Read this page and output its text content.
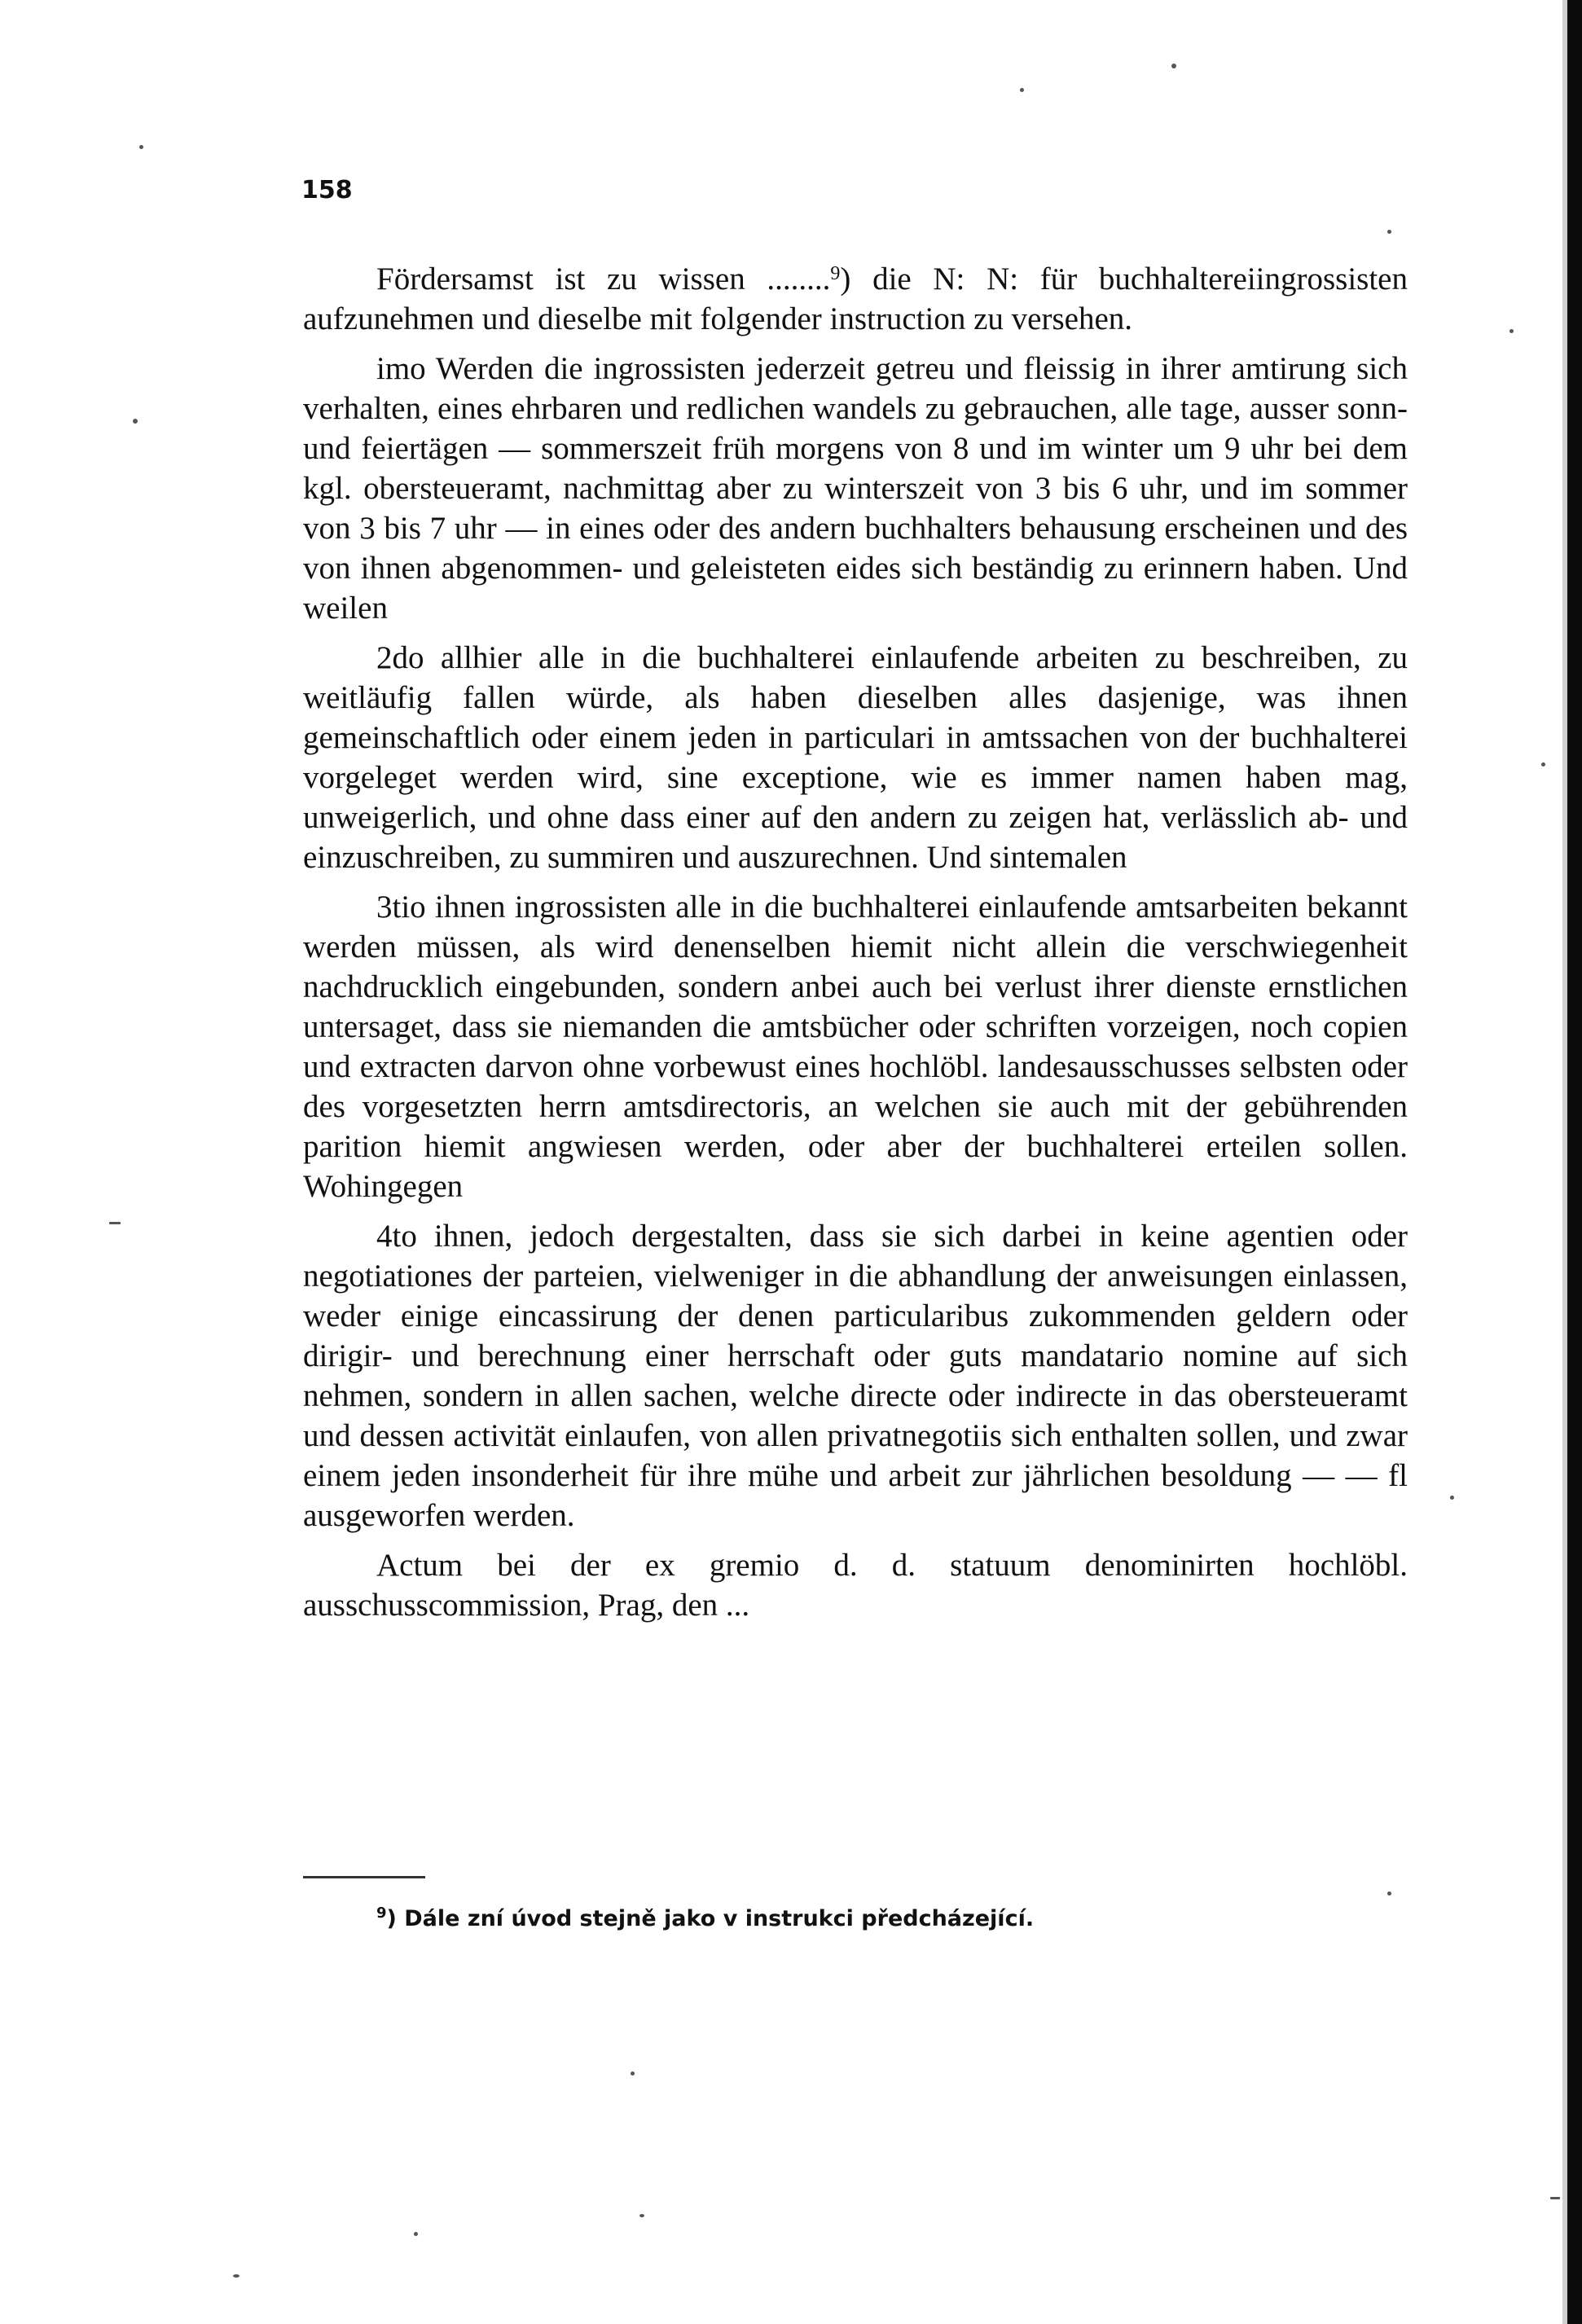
158

Fördersamst ist zu wissen ........$^9$) die N: N: für buchhaltereiingrossisten aufzunehmen und dieselbe mit folgender instruction zu versehen.

imo Werden die ingrossisten jederzeit getreu und fleissig in ihrer amtirung sich verhalten, eines ehrbaren und redlichen wandels zu gebrauchen, alle tage, ausser sonn- und feiertägen — sommerszeit früh morgens von 8 und im winter um 9 uhr bei dem kgl. obersteueramt, nachmittag aber zu winterszeit von 3 bis 6 uhr, und im sommer von 3 bis 7 uhr — in eines oder des andern buchhalters behausung erscheinen und des von ihnen abgenommen- und geleisteten eides sich beständig zu erinnern haben. Und weilen

2do allhier alle in die buchhalterei einlaufende arbeiten zu beschreiben, zu weitläufig fallen würde, als haben dieselben alles dasjenige, was ihnen gemeinschaftlich oder einem jeden in particulari in amtssachen von der buchhalterei vorgeleget werden wird, sine exceptione, wie es immer namen haben mag, unweigerlich, und ohne dass einer auf den andern zu zeigen hat, verlässlich ab- und einzuschreiben, zu summiren und auszurechnen. Und sintemalen

3tio ihnen ingrossisten alle in die buchhalterei einlaufende amtsarbeiten bekannt werden müssen, als wird denenselben hiemit nicht allein die verschwiegenheit nachdrucklich eingebunden, sondern anbei auch bei verlust ihrer dienste ernstlichen untersaget, dass sie niemanden die amtsbücher oder schriften vorzeigen, noch copien und extracten darvon ohne vorbewust eines hochlöbl. landesausschusses selbsten oder des vorgesetzten herrn amtsdirectoris, an welchen sie auch mit der gebührenden parition hiemit angwiesen werden, oder aber der buchhalterei erteilen sollen. Wohingegen

4to ihnen, jedoch dergestalten, dass sie sich darbei in keine agentien oder negotiationes der parteien, vielweniger in die abhandlung der anweisungen einlassen, weder einige eincassirung der denen particularibus zukommenden geldern oder dirigir- und berechnung einer herrschaft oder guts mandatario nomine auf sich nehmen, sondern in allen sachen, welche directe oder indirecte in das obersteueramt und dessen activität einlaufen, von allen privatnegotiis sich enthalten sollen, und zwar einem jeden insonderheit für ihre mühe und arbeit zur jährlichen besoldung — — fl ausgeworfen werden.

Actum bei der ex gremio d. d. statuum denominirten hochlöbl. ausschusscommission, Prag, den ...

$^9$) Dále zní úvod stejně jako v instrukci předcházející.
